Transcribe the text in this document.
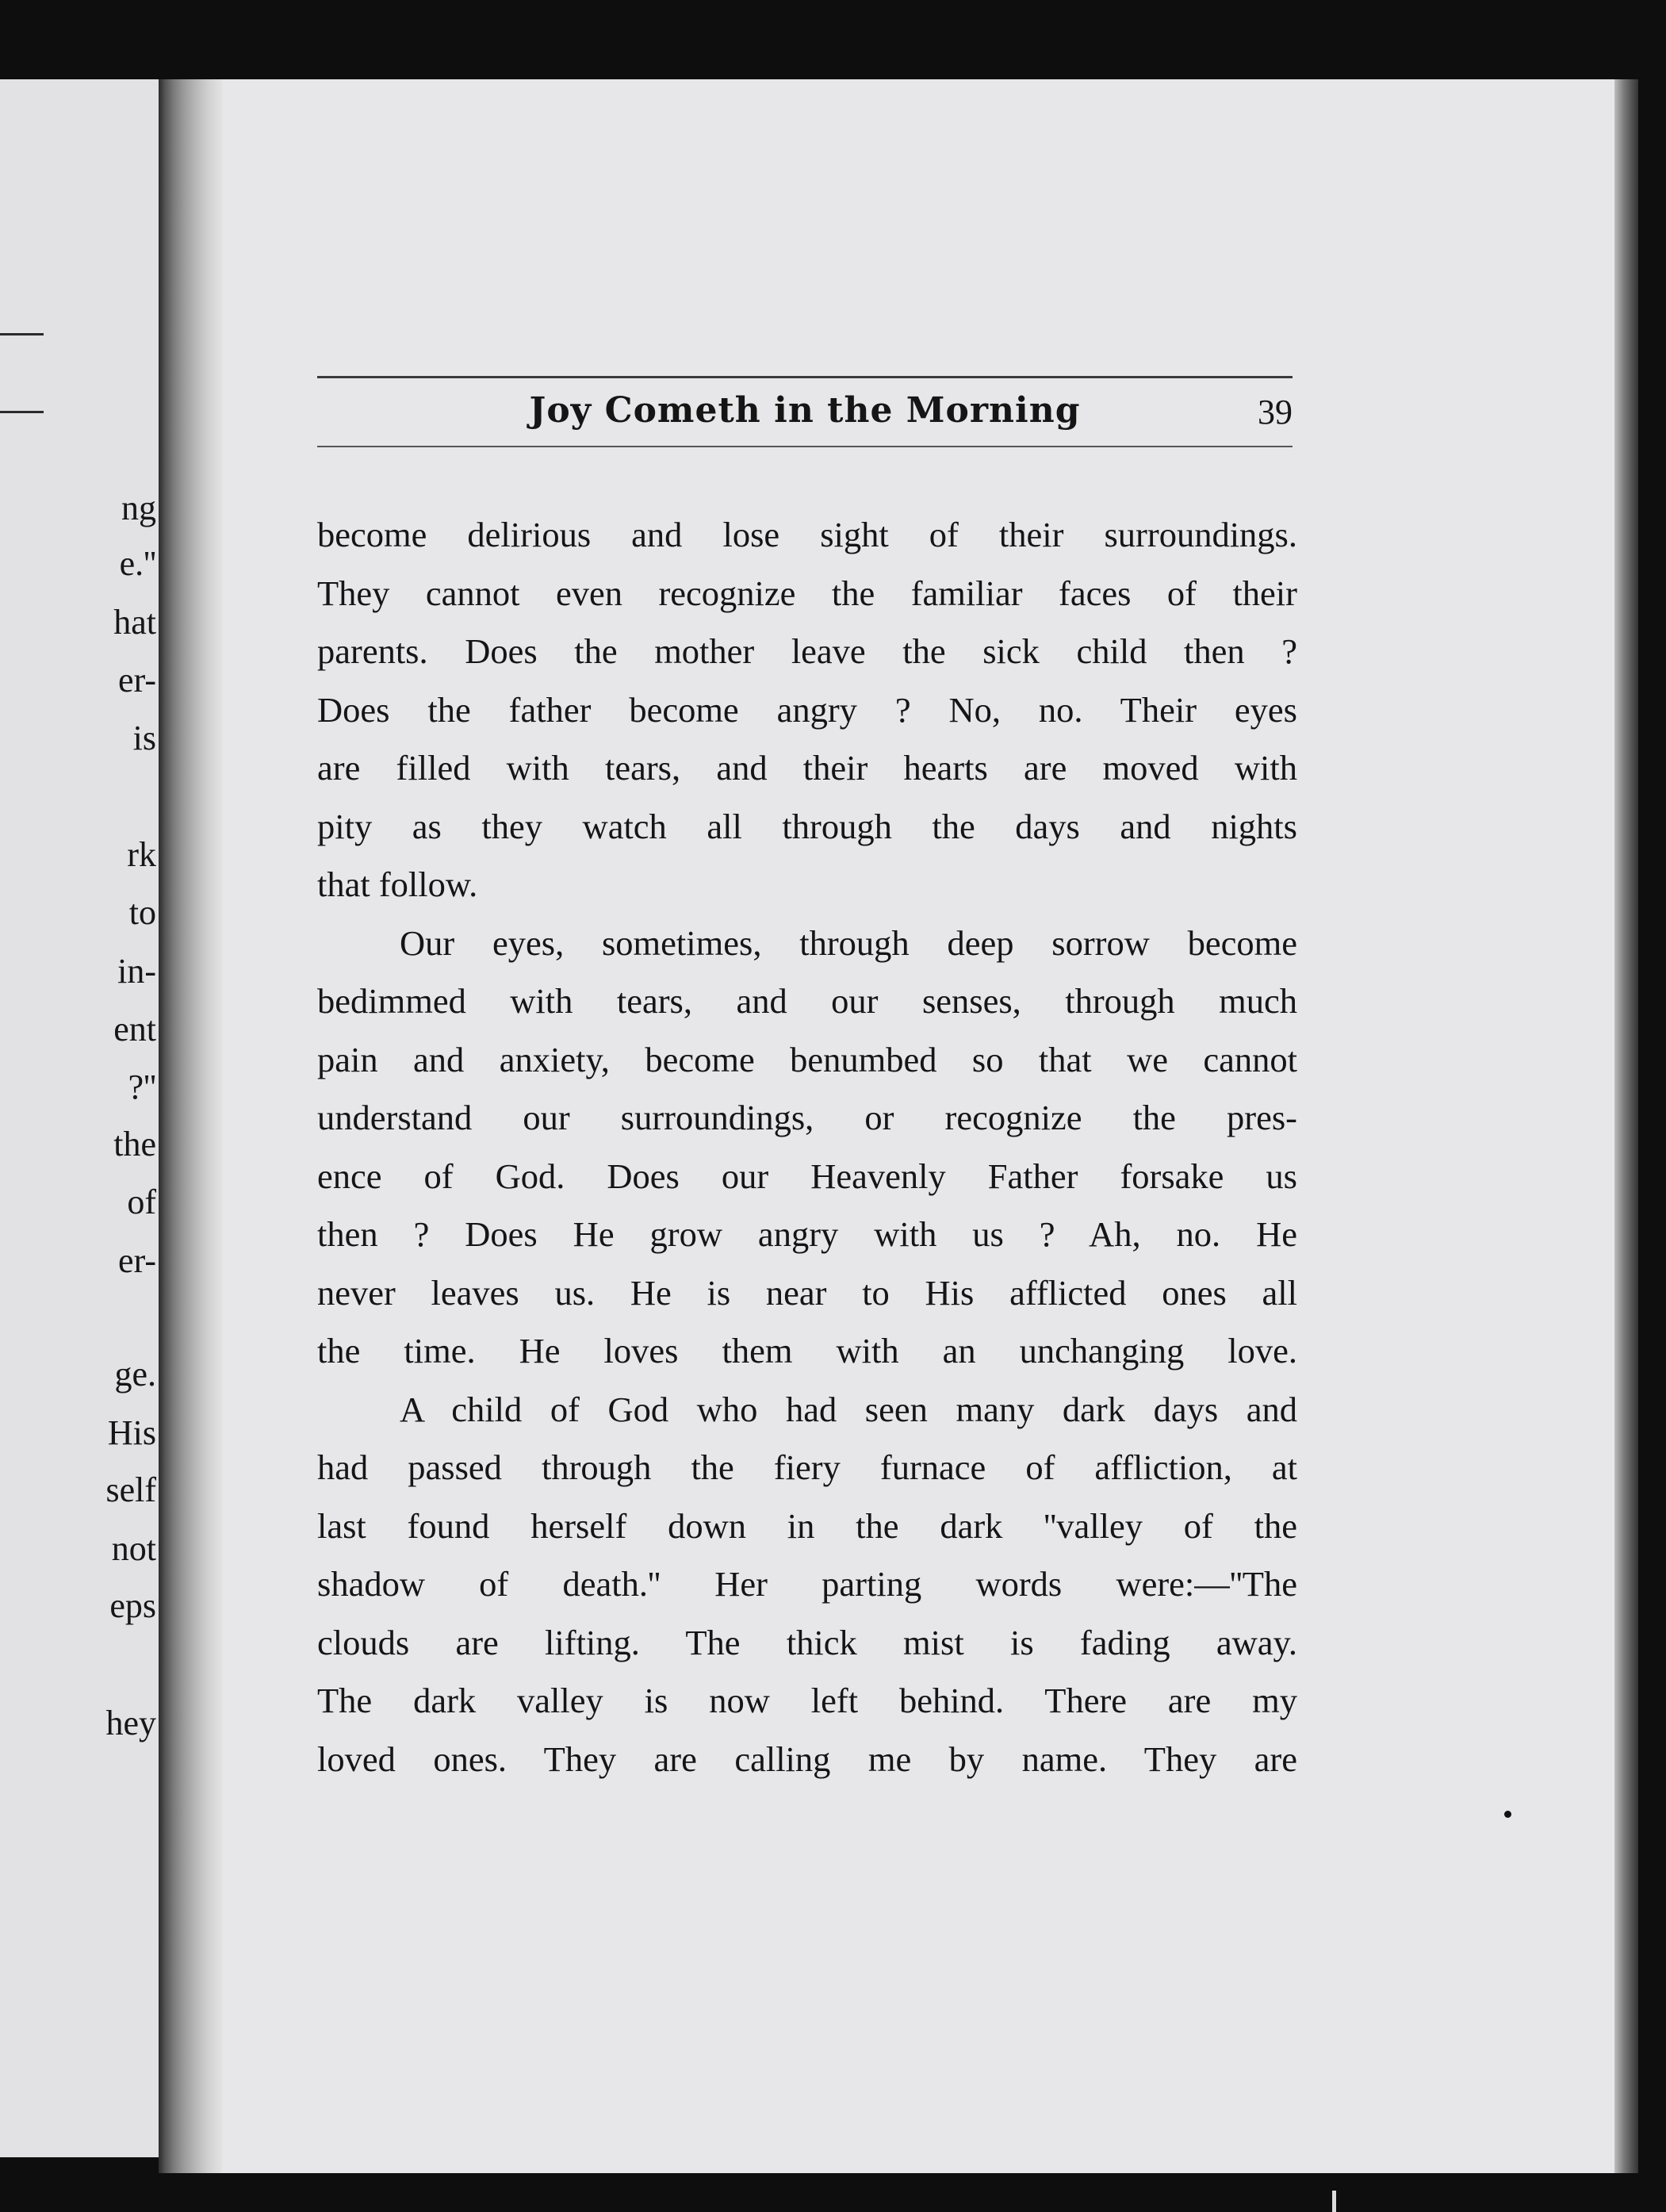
ng
e.''
hat
er-
is
rk
to
in-
ent
?''
the
of
er-
ge.
His
self
not
eps
hey
Joy Cometh in the Morning	39
become delirious and lose sight of their surroundings.
They cannot even recognize the familiar faces of their
parents. Does the mother leave the sick child then ?
Does the father become angry ? No, no. Their eyes
are filled with tears, and their hearts are moved with
pity as they watch all through the days and nights
that follow.
Our eyes, sometimes, through deep sorrow become
bedimmed with tears, and our senses, through much
pain and anxiety, become benumbed so that we cannot
understand our surroundings, or recognize the pres-
ence of God. Does our Heavenly Father forsake us
then ? Does He grow angry with us ? Ah, no. He
never leaves us. He is near to His afflicted ones all
the time. He loves them with an unchanging love.
A child of God who had seen many dark days and
had passed through the fiery furnace of affliction, at
last found herself down in the dark ''valley of the
shadow of death.'' Her parting words were:—''The
clouds are lifting. The thick mist is fading away.
The dark valley is now left behind. There are my
loved ones. They are calling me by name. They are
